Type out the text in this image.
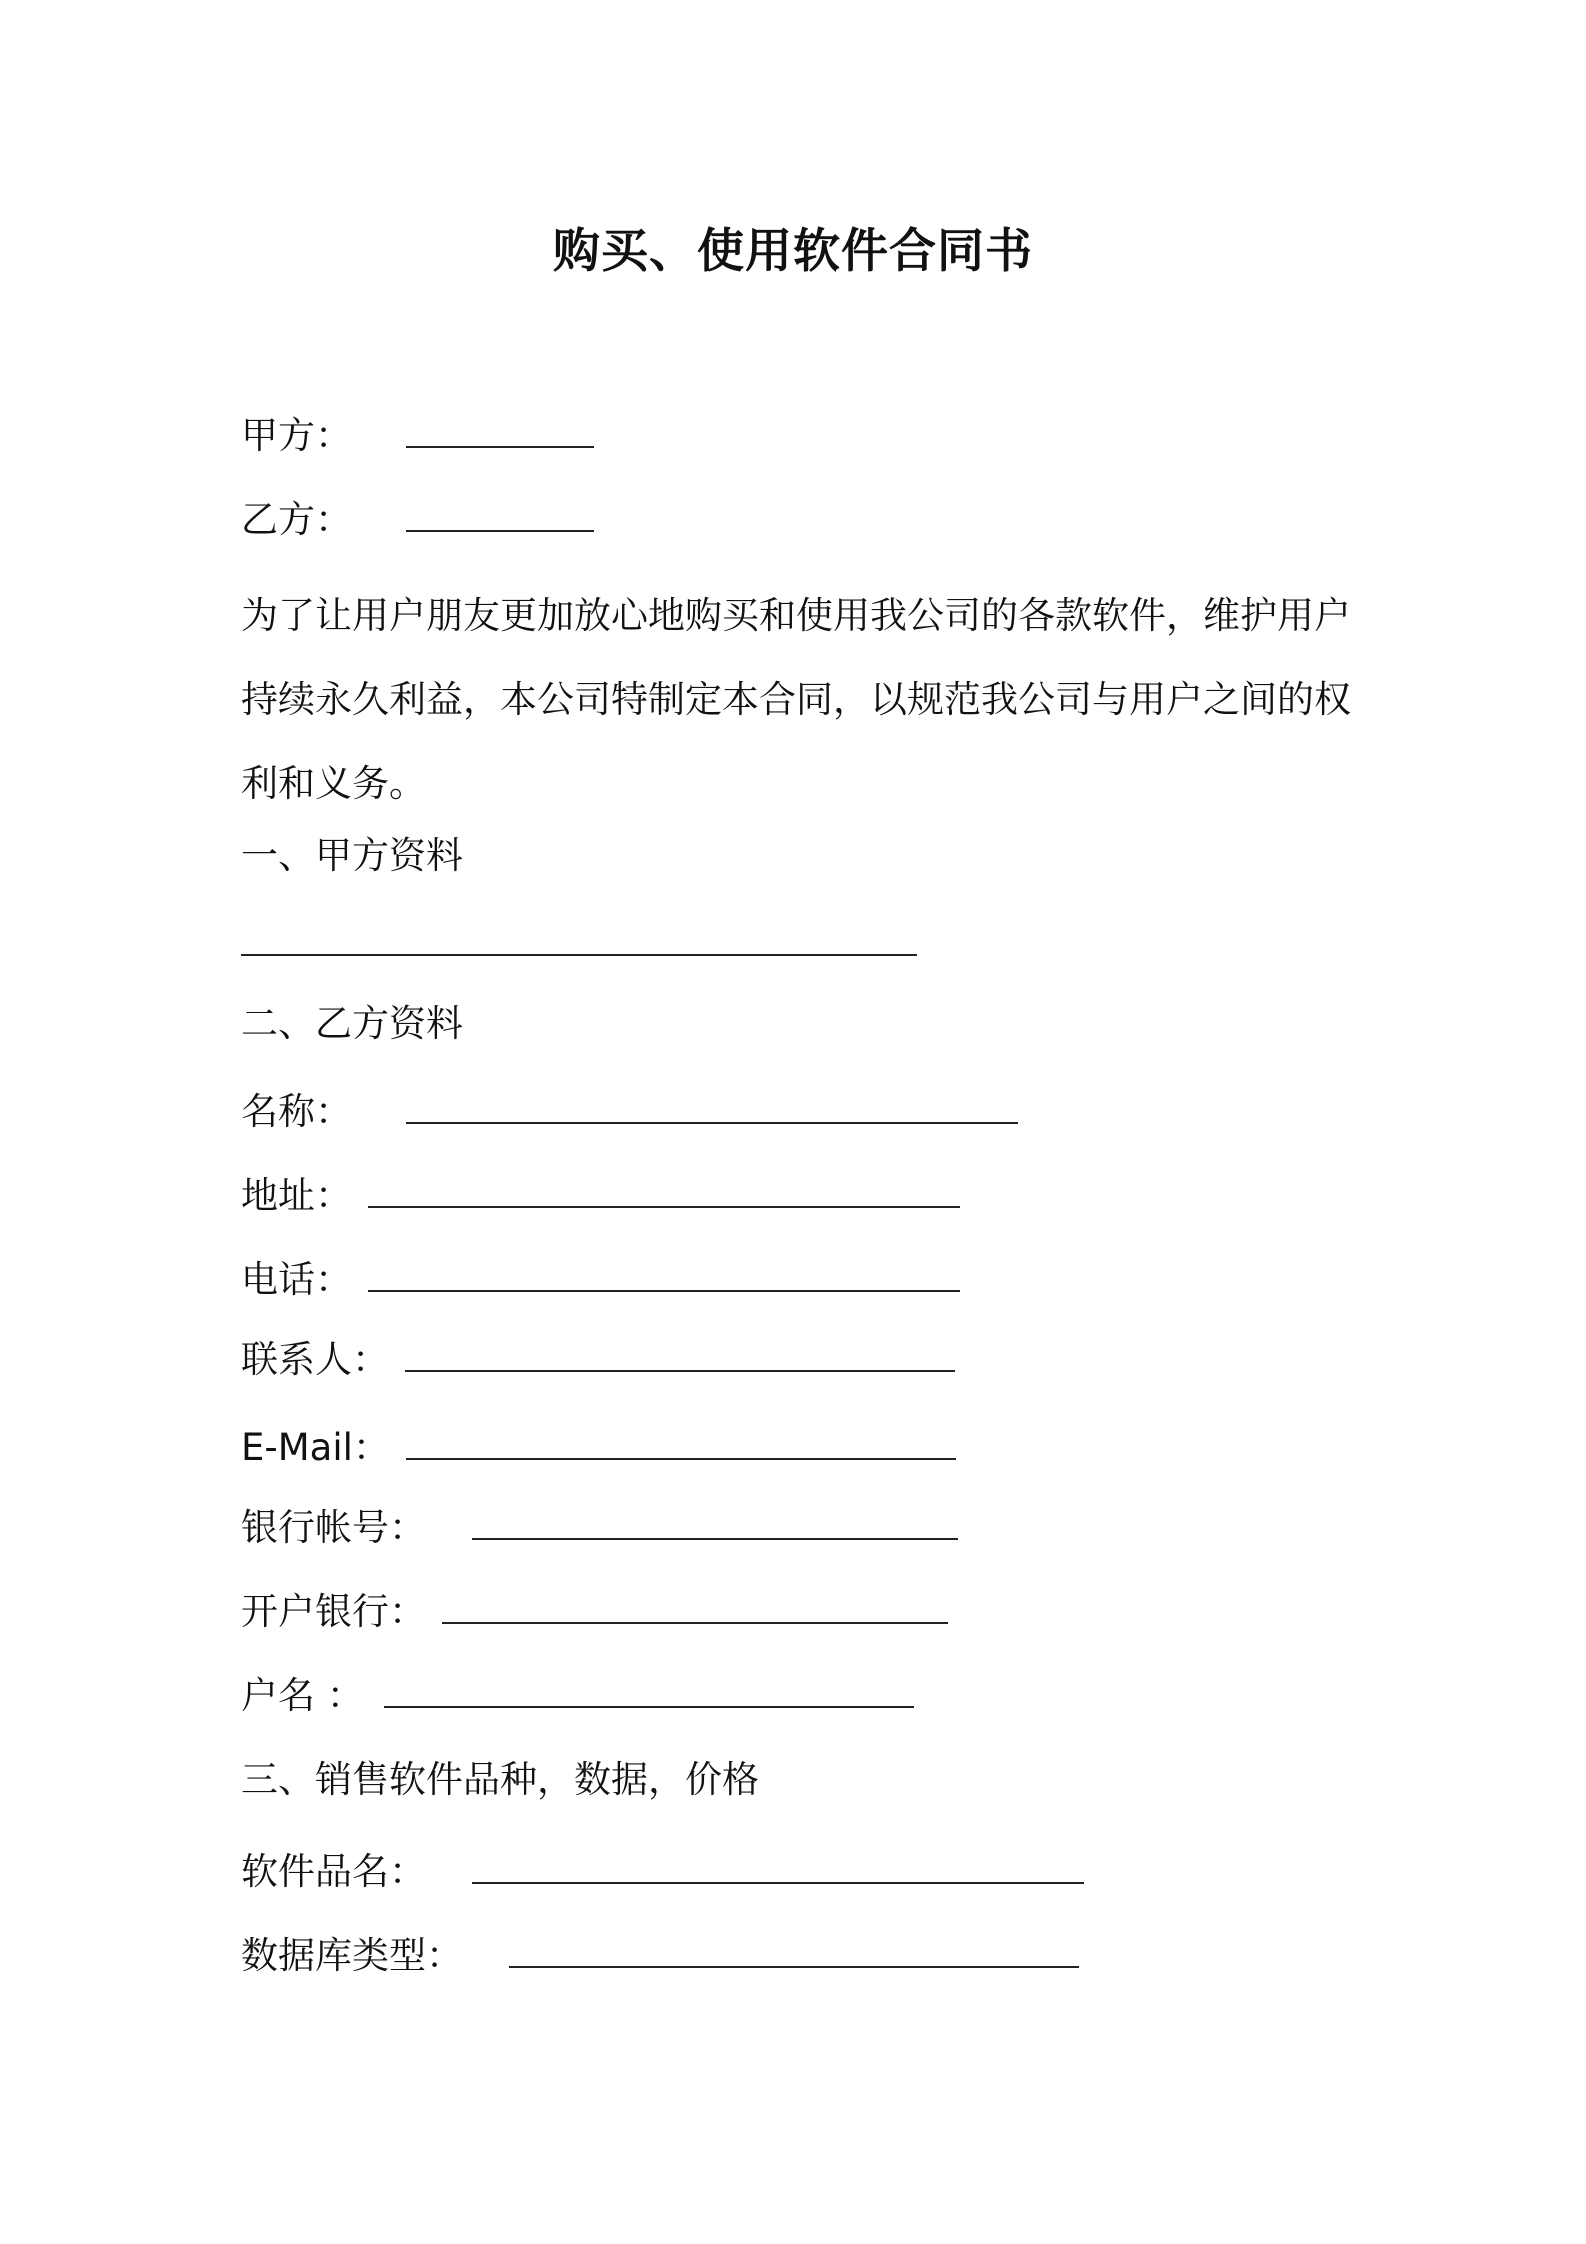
购买、使用软件合同书
甲方：
乙方：
为了让用户朋友更加放心地购买和使用我公司的各款软件，维护用户
持续永久利益，本公司特制定本合同，以规范我公司与用户之间的权
利和义务。
一、甲方资料
二、乙方资料
名称：
地址：
电话：
联系人：
E-Mail：
银行帐号：
开户银行：
户名 ：
三、销售软件品种，数据，价格
软件品名：
数据库类型：
